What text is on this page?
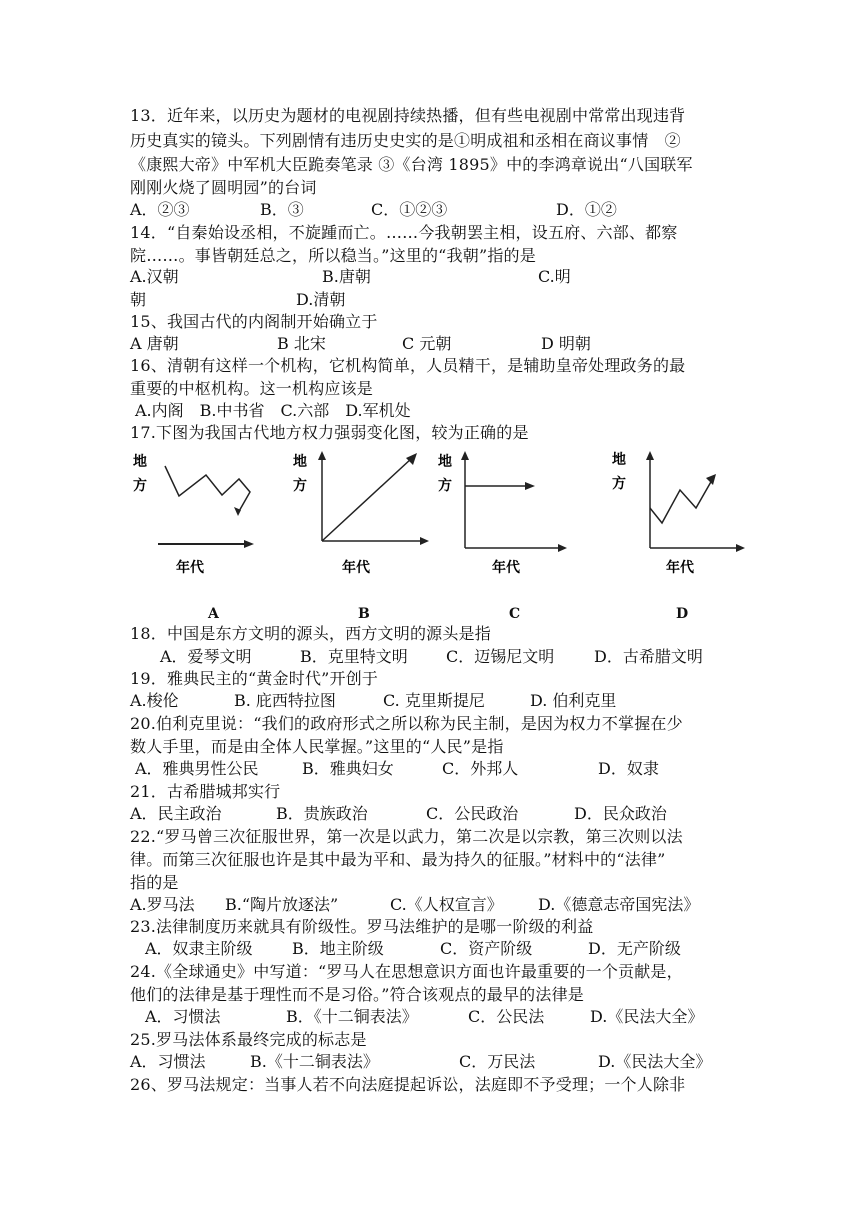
13．近年来，以历史为题材的电视剧持续热播，但有些电视剧中常常出现违背
历史真实的镜头。下列剧情有违历史史实的是①明成祖和丞相在商议事情　②
《康熙大帝》中军机大臣跪奏笔录 ③《台湾 1895》中的李鸿章说出“八国联军
刚刚火烧了圆明园”的台词
A．②③	B．③	C．①②③	D．①②
14．“自秦始设丞相，不旋踵而亡。……今我朝罢主相，设五府、六部、都察
院……。事皆朝廷总之，所以稳当。”这里的“我朝”指的是
A.汉朝	B.唐朝	C.明
朝	D.清朝
15、我国古代的内阁制开始确立于
A 唐朝	B 北宋	C 元朝	D 明朝
16、清朝有这样一个机构，它机构简单，人员精干，是辅助皇帝处理政务的最
重要的中枢机构。这一机构应该是
A.内阁　B.中书省　C.六部　D.军机处
17.下图为我国古代地方权力强弱变化图，较为正确的是
地
方
年代
地
方
年代
地
方
年代
地
方
年代
A	B	C	D
18．中国是东方文明的源头，西方文明的源头是指
A．爱琴文明	B．克里特文明 C．迈锡尼文明 D．古希腊文明
19．雅典民主的“黄金时代”开创于
A.梭伦	B. 庇西特拉图	C. 克里斯提尼	D. 伯利克里
20.伯利克里说：“我们的政府形式之所以称为民主制，是因为权力不掌握在少
数人手里，而是由全体人民掌握。”这里的“人民”是指
A．雅典男性公民	B．雅典妇女	C．外邦人	D．奴隶
21．古希腊城邦实行
A．民主政治	B．贵族政治	C．公民政治	D．民众政治
22.“罗马曾三次征服世界，第一次是以武力，第二次是以宗教，第三次则以法
律。而第三次征服也许是其中最为平和、最为持久的征服。”材料中的“法律”
指的是
A.罗马法 B.“陶片放逐法”	C.《人权宣言》 D.《德意志帝国宪法》
23.法律制度历来就具有阶级性。罗马法维护的是哪一阶级的利益
A．奴隶主阶级 B．地主阶级	C．资产阶级	D．无产阶级
24.《全球通史》中写道：“罗马人在思想意识方面也许最重要的一个贡献是，
他们的法律是基于理性而不是习俗。”符合该观点的最早的法律是
A．习惯法	B．《十二铜表法》	C．公民法	D.《民法大全》
25.罗马法体系最终完成的标志是
A．习惯法	B.《十二铜表法》	C．万民法	D.《民法大全》
26、罗马法规定：当事人若不向法庭提起诉讼，法庭即不予受理；一个人除非
